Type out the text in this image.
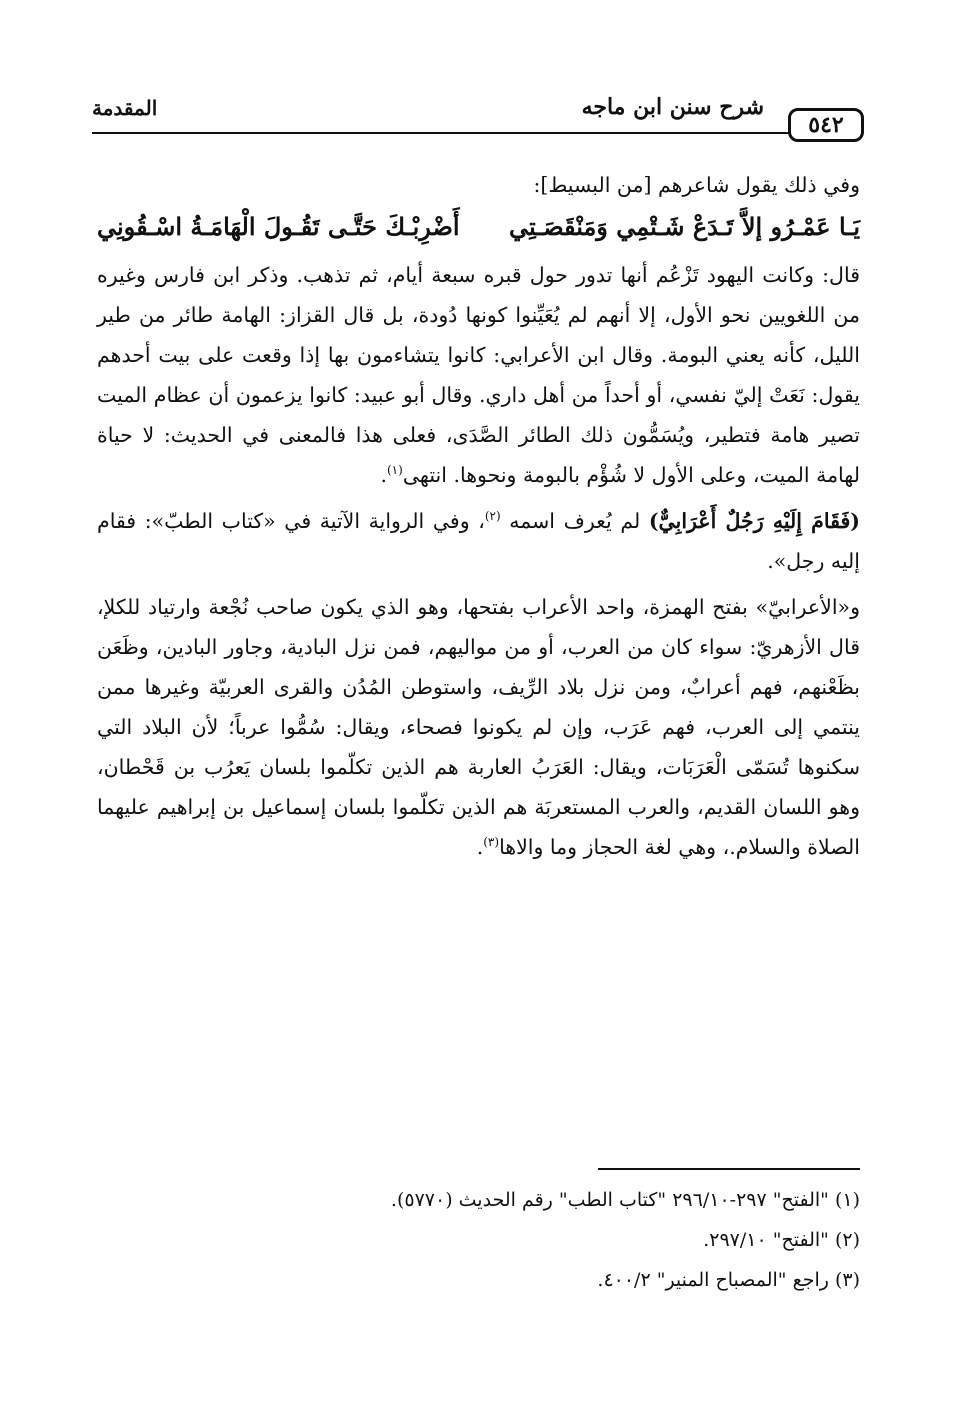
٥٤٢
شرح سنن ابن ماجه
المقدمة

وفي ذلك يقول شاعرهم [من البسيط]:

يَـا عَمْـرُو إلاَّ تَـدَعْ شَـتْمِي وَمَنْقَصَـتِي
أَضْرِبْـكَ حَتَّـى تَقُـولَ الْهَامَـةُ اسْـقُونِي

قال: وكانت اليهود تَزْعُم أنها تدور حول قبره سبعة أيام، ثم تذهب. وذكر ابن فارس وغيره من اللغويين نحو الأول، إلا أنهم لم يُعَيِّنوا كونها دُودة، بل قال القزاز: الهامة طائر من طير الليل، كأنه يعني البومة. وقال ابن الأعرابي: كانوا يتشاءمون بها إذا وقعت على بيت أحدهم يقول: نَعَتْ إليّ نفسي، أو أحداً من أهل داري. وقال أبو عبيد: كانوا يزعمون أن عظام الميت تصير هامة فتطير، ويُسَمُّون ذلك الطائر الصَّدَى، فعلى هذا فالمعنى في الحديث: لا حياة لهامة الميت، وعلى الأول لا شُؤْم بالبومة ونحوها. انتهى$^{(١)}$.

(فَقَامَ إِلَيْهِ رَجُلٌ أَعْرَابِيٌّ) لم يُعرف اسمه $^{(٢)}$، وفي الرواية الآتية في «كتاب الطبّ»: فقام إليه رجل».

و«الأعرابيّ» بفتح الهمزة، واحد الأعراب بفتحها، وهو الذي يكون صاحب نُجْعة وارتياد للكلإ، قال الأزهريّ: سواء كان من العرب، أو من مواليهم، فمن نزل البادية، وجاور البادين، وظَعَن بظَعْنهم، فهم أعرابٌ، ومن نزل بلاد الرِّيف، واستوطن المُدُن والقرى العربيّة وغيرها ممن ينتمي إلى العرب، فهم عَرَب، وإن لم يكونوا فصحاء، ويقال: سُمُّوا عرباً؛ لأن البلاد التي سكنوها تُسَمّى الْعَرَبَات، ويقال: العَرَبُ العاربة هم الذين تكلّموا بلسان يَعرُب بن قَحْطان، وهو اللسان القديم، والعرب المستعربَة هم الذين تكلّموا بلسان إسماعيل بن إبراهيم عليهما الصلاة والسلام.، وهي لغة الحجاز وما والاها$^{(٣)}$.

(١) "الفتح" ٢٩٧-٢٩٦/١٠ "كتاب الطب" رقم الحديث (٥٧٧٠).
(٢) "الفتح" ٢٩٧/١٠.
(٣) راجع "المصباح المنير" ٤٠٠/٢.
